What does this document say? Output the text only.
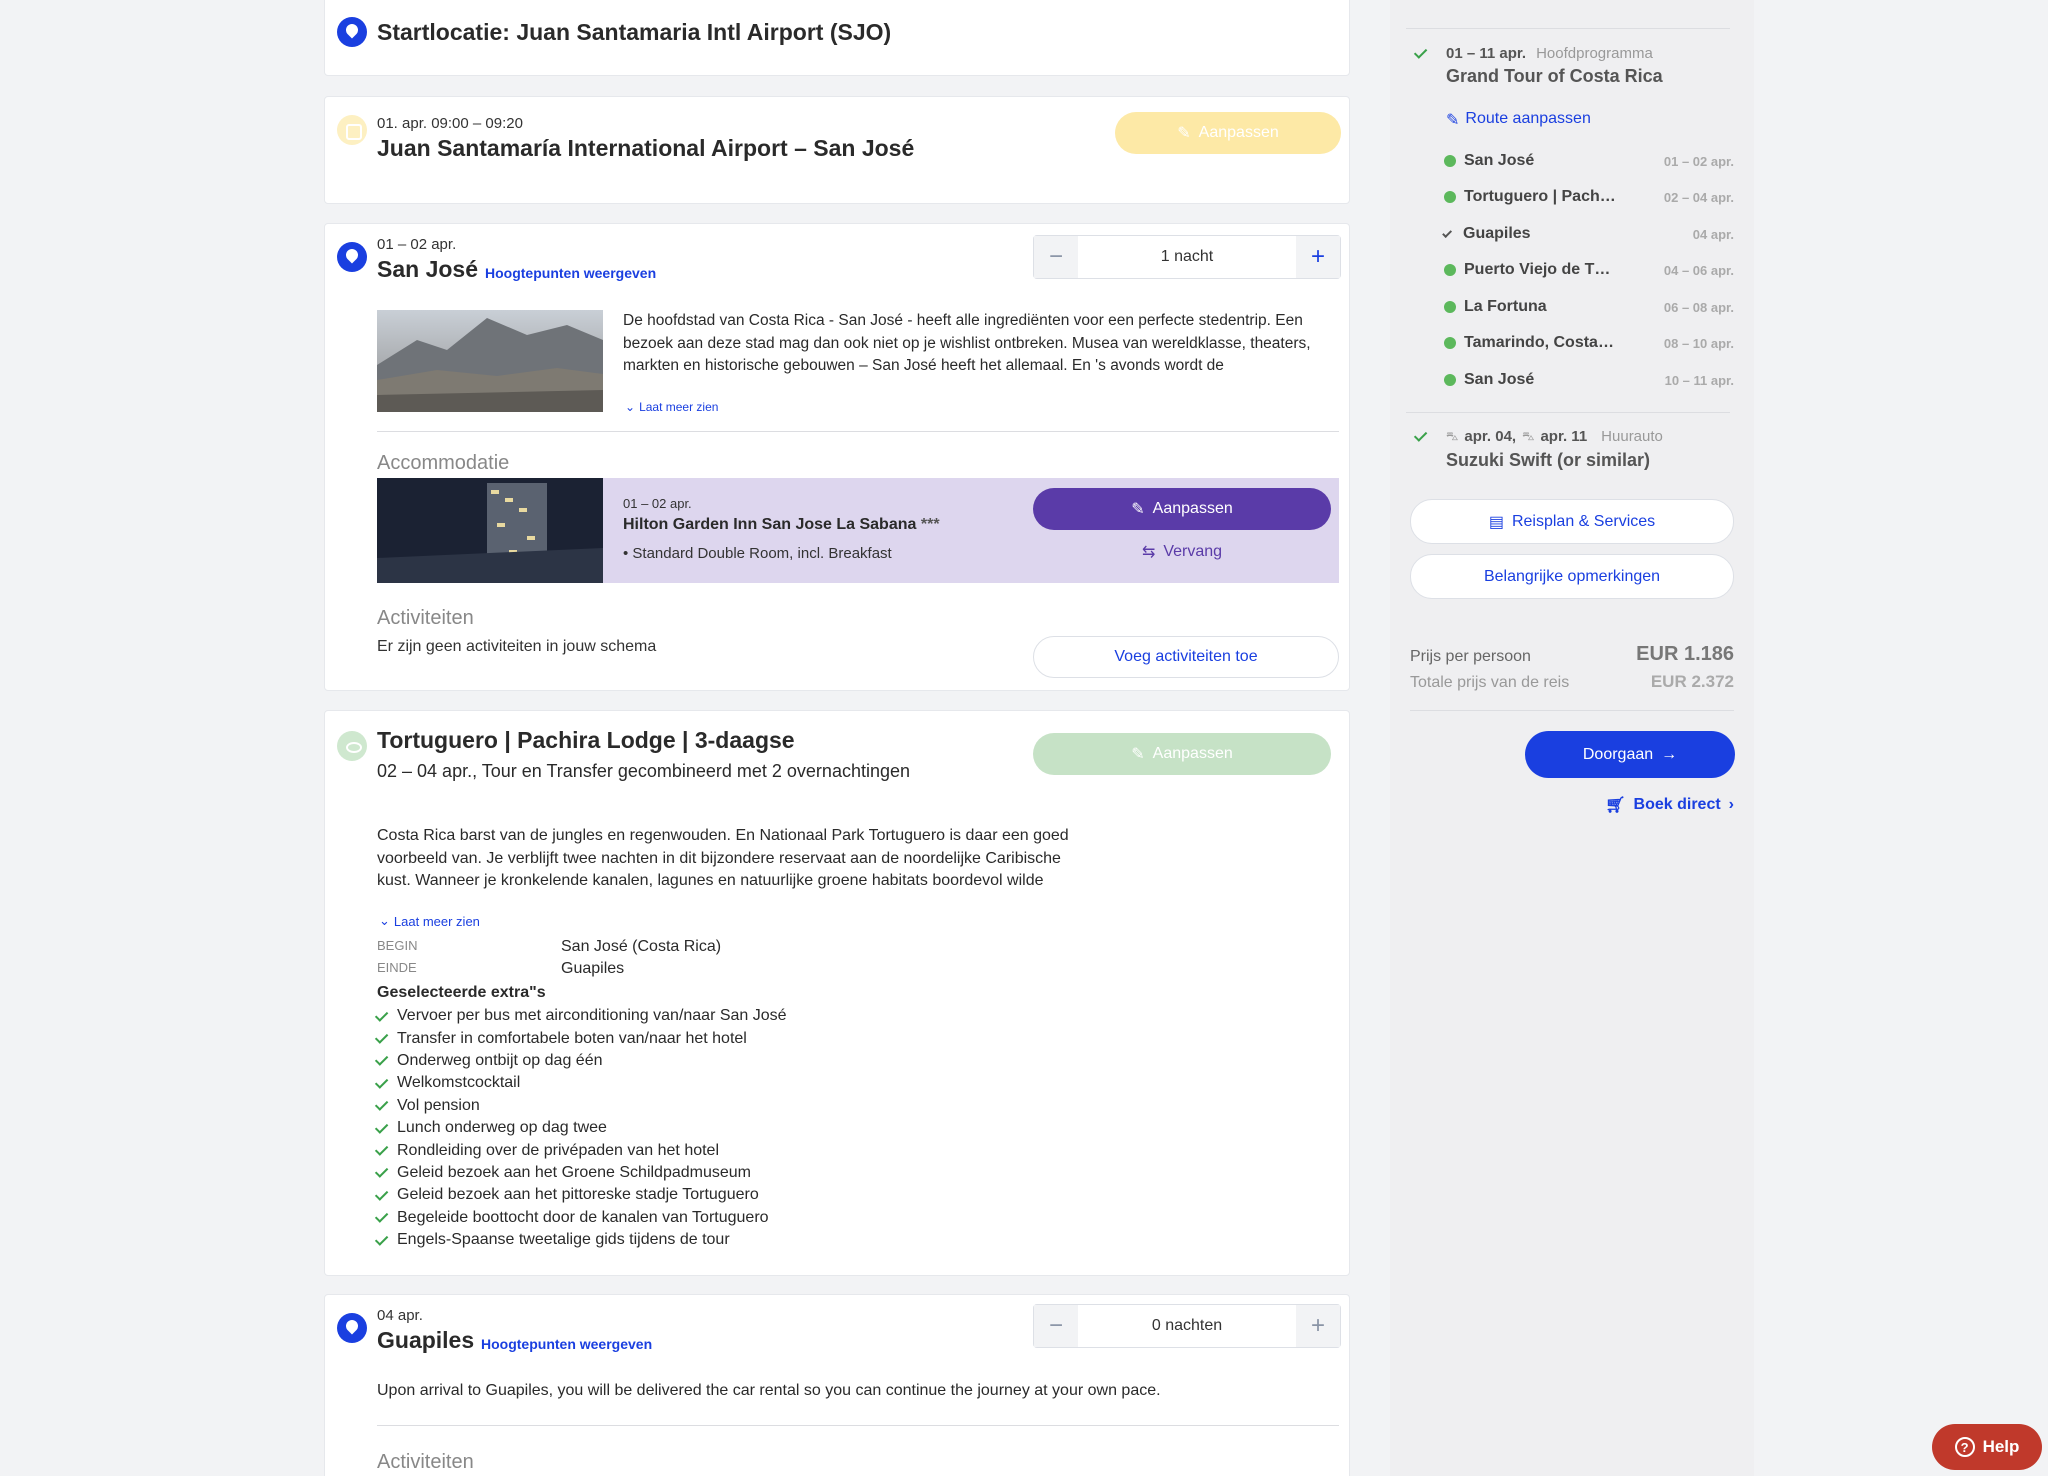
Startlocatie: Juan Santamaria Intl Airport (SJO)
01. apr. 09:00 – 09:20
Juan Santamaría International Airport – San José
✎ Aanpassen
01 – 02 apr.
San José Hoogtepunten weergeven
−	1 nacht	+
De hoofdstad van Costa Rica - San José - heeft alle ingrediënten voor een perfecte stedentrip. Een bezoek aan deze stad mag dan ook niet op je wishlist ontbreken. Musea van wereldklasse, theaters, markten en historische gebouwen – San José heeft het allemaal. En 's avonds wordt de
⌄ Laat meer zien
Accommodatie
01 – 02 apr.
Hilton Garden Inn San Jose La Sabana ***
• Standard Double Room, incl. Breakfast
✎ Aanpassen
⇆ Vervang
Activiteiten
Er zijn geen activiteiten in jouw schema
Voeg activiteiten toe
Tortuguero | Pachira Lodge | 3-daagse
02 – 04 apr., Tour en Transfer gecombineerd met 2 overnachtingen
✎ Aanpassen
Costa Rica barst van de jungles en regenwouden. En Nationaal Park Tortuguero is daar een goed voorbeeld van. Je verblijft twee nachten in dit bijzondere reservaat aan de noordelijke Caribische kust. Wanneer je kronkelende kanalen, lagunes en natuurlijke groene habitats boordevol wilde
⌄ Laat meer zien
BEGIN	San José (Costa Rica)
EINDE	Guapiles
Geselecteerde extra"s
Vervoer per bus met airconditioning van/naar San José
Transfer in comfortabele boten van/naar het hotel
Onderweg ontbijt op dag één
Welkomstcocktail
Vol pension
Lunch onderweg op dag twee
Rondleiding over de privépaden van het hotel
Geleid bezoek aan het Groene Schildpadmuseum
Geleid bezoek aan het pittoreske stadje Tortuguero
Begeleide boottocht door de kanalen van Tortuguero
Engels-Spaanse tweetalige gids tijdens de tour
04 apr.
Guapiles Hoogtepunten weergeven
−	0 nachten	+
Upon arrival to Guapiles, you will be delivered the car rental so you can continue the journey at your own pace.
Activiteiten
01 – 11 apr. Hoofdprogramma
Grand Tour of Costa Rica
✎ Route aanpassen
San José	01 – 02 apr.
Tortuguero | Pach…	02 – 04 apr.
Guapiles	04 apr.
Puerto Viejo de T…	04 – 06 apr.
La Fortuna	06 – 08 apr.
Tamarindo, Costa…	08 – 10 apr.
San José	10 – 11 apr.
⛍ apr. 04, ⛍ apr. 11 Huurauto
Suzuki Swift (or similar)
▤ Reisplan & Services
Belangrijke opmerkingen
Prijs per persoon	EUR 1.186
Totale prijs van de reis	EUR 2.372
Doorgaan →
🛒︎ Boek direct ›
? Help
